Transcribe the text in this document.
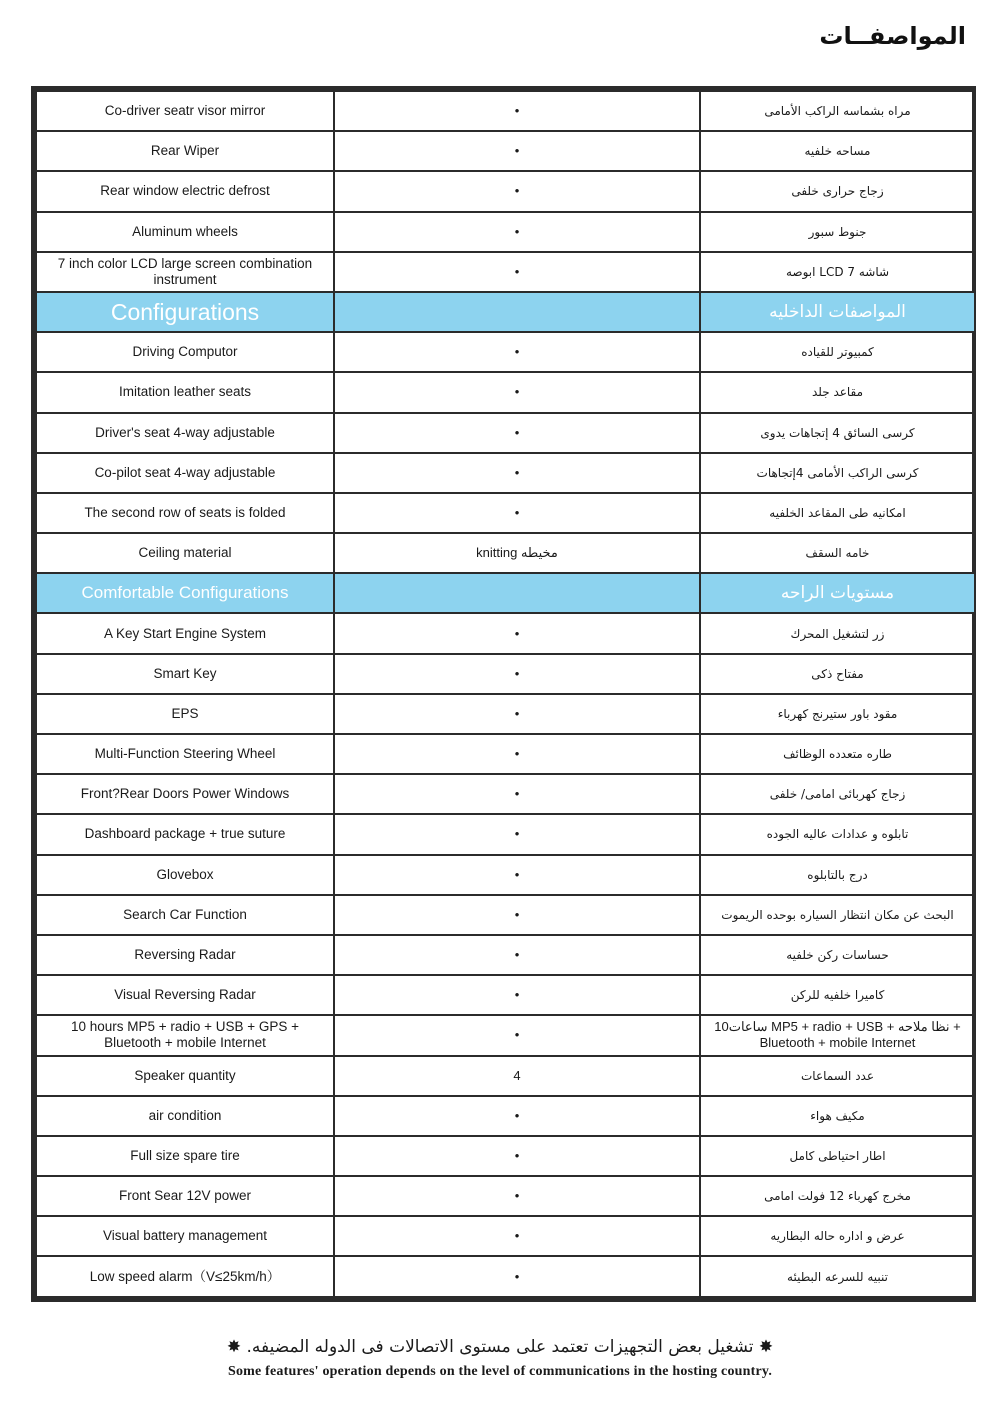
المواصفــات
Co-driver seatr visor mirror	•	مراه بشماسه الراكب الأمامى
Rear Wiper	•	مساحه خلفيه
Rear window electric defrost	•	زجاج حرارى خلفى
Aluminum wheels	•	جنوط سبور
7 inch color LCD large screen combination instrument	•	شاشه LCD 7 ابوصه
Configurations		المواصفات الداخليه
Driving Computor	•	كمبيوتر للقياده
Imitation leather seats	•	مقاعد جلد
Driver's seat 4-way adjustable	•	كرسى السائق 4 إتجاهات يدوى
Co-pilot seat 4-way adjustable	•	كرسى الراكب الأمامى 4إتجاهات
The second row of seats is folded	•	امكانيه طى المقاعد الخلفيه
Ceiling material	knitting مخيطه	خامه السقف
Comfortable Configurations		مستويات الراحه
A Key Start Engine System	•	زر لتشغيل المحرك
Smart Key	•	مفتاح ذكى
EPS	•	مقود باور ستيرنج كهرباء
Multi-Function Steering Wheel	•	طاره متعدده الوظائف
Front?Rear Doors Power Windows	•	زجاج كهربائى امامى/ خلفى
Dashboard package + true suture	•	تابلوه و عدادات عاليه الجوده
Glovebox	•	درج بالتابلوه
Search Car Function	•	البحث عن مكان انتظار السياره بوحده الريموت
Reversing Radar	•	حساسات ركن خلفيه
Visual Reversing Radar	•	كاميرا خلفيه للركن
10 hours MP5 + radio + USB + GPS + Bluetooth + mobile Internet	•	10ساعات MP5 + radio + USB + نظا ملاحه + Bluetooth + mobile Internet
Speaker quantity	4	عدد السماعات
air condition	•	مكيف هواء
Full size spare tire	•	اطار احتياطى كامل
Front Sear 12V power	•	مخرج كهرباء 12 فولت امامى
Visual battery management	•	عرض و اداره حاله البطاريه
Low speed alarm（V≤25km/h）	•	تنبيه للسرعه البطيئه
✸ تشغيل بعض التجهيزات تعتمد على مستوى الاتصالات فى الدوله المضيفه. ✸
Some features' operation depends on the level of communications in the hosting country.
